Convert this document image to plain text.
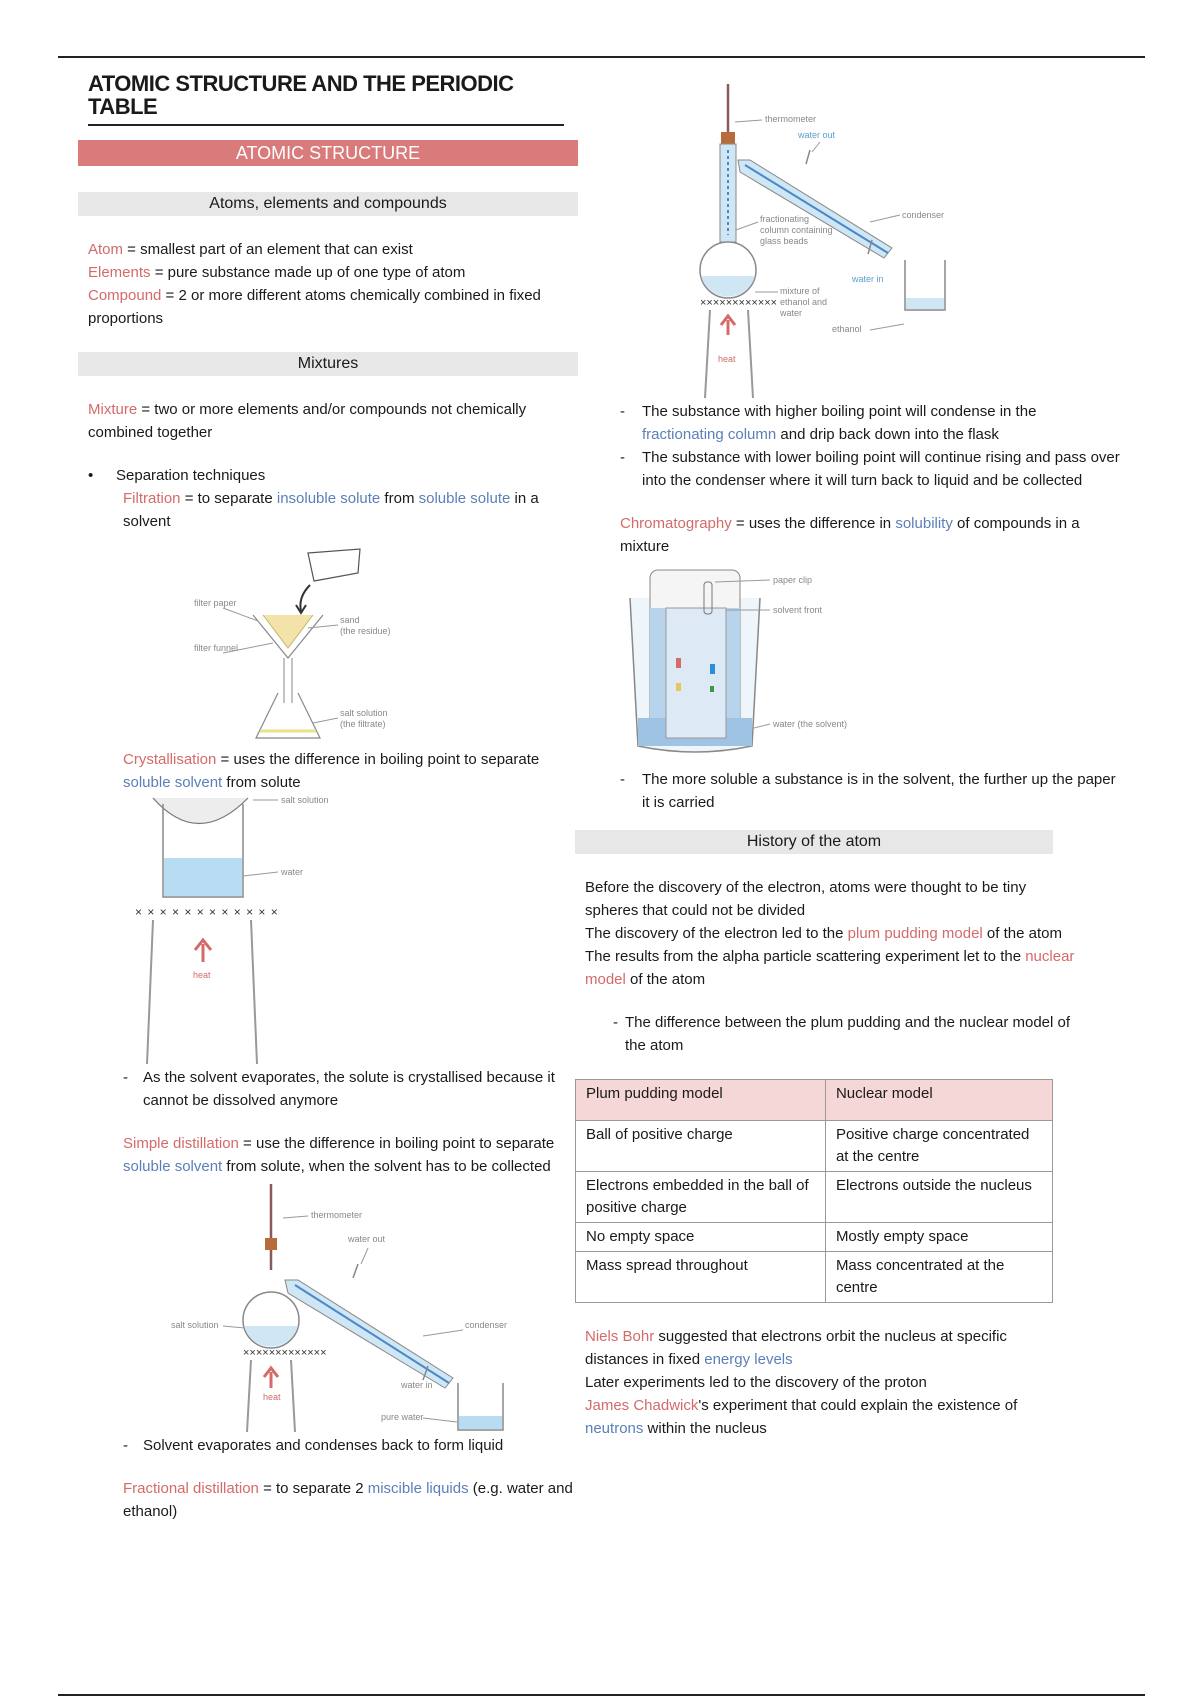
ATOMIC STRUCTURE AND THE PERIODIC TABLE
ATOMIC STRUCTURE
Atoms, elements and compounds

Atom = smallest part of an element that can exist

Elements = pure substance made up of one type of atom

Compound = 2 or more different atoms chemically combined in fixed proportions

Mixtures

Mixture = two or more elements and/or compounds not chemically combined together

•	Separation techniques

Filtration = to separate insoluble solute from soluble solute in a solvent

filter paper
filter funnel
sand
(the residue)
salt solution
(the filtrate)

Crystallisation = uses the difference in boiling point to separate soluble solvent from solute

× × × × × × × × × × × ×
salt solution
water
heat
-	As the solvent evaporates, the solute is crystallised because it cannot be dissolved anymore

Simple distillation = use the difference in boiling point to separate soluble solvent from solute, when the solvent has to be collected

×××××××××××××
thermometer
water out
salt solution	condenser
water in
pure water
heat
-	Solvent evaporates and condenses back to form liquid

Fractional distillation = to separate 2 miscible liquids (e.g. water and ethanol)

××××××××××××
thermometer
water out
fractionating
column containing
glass beads
condenser
water in
mixture of
ethanol and
water
ethanol
heat
-	The substance with higher boiling point will condense in the fractionating column and drip back down into the flask
-	The substance with lower boiling point will continue rising and pass over into the condenser where it will turn back to liquid and be collected

Chromatography = uses the difference in solubility of compounds in a mixture

paper clip
solvent front
water (the solvent)
-	The more soluble a substance is in the solvent, the further up the paper it is carried
History of the atom

Before the discovery of the electron, atoms were thought to be tiny spheres that could not be divided

The discovery of the electron led to the plum pudding model of the atom

The results from the alpha particle scattering experiment let to the nuclear model of the atom

- The difference between the plum pudding and the nuclear model of the atom
Plum pudding model	Nuclear model
Ball of positive charge	Positive charge concentrated at the centre
Electrons embedded in the ball of positive charge	Electrons outside the nucleus
No empty space	Mostly empty space
Mass spread throughout	Mass concentrated at the centre

Niels Bohr suggested that electrons orbit the nucleus at specific distances in fixed energy levels

Later experiments led to the discovery of the proton

James Chadwick's experiment that could explain the existence of neutrons within the nucleus
